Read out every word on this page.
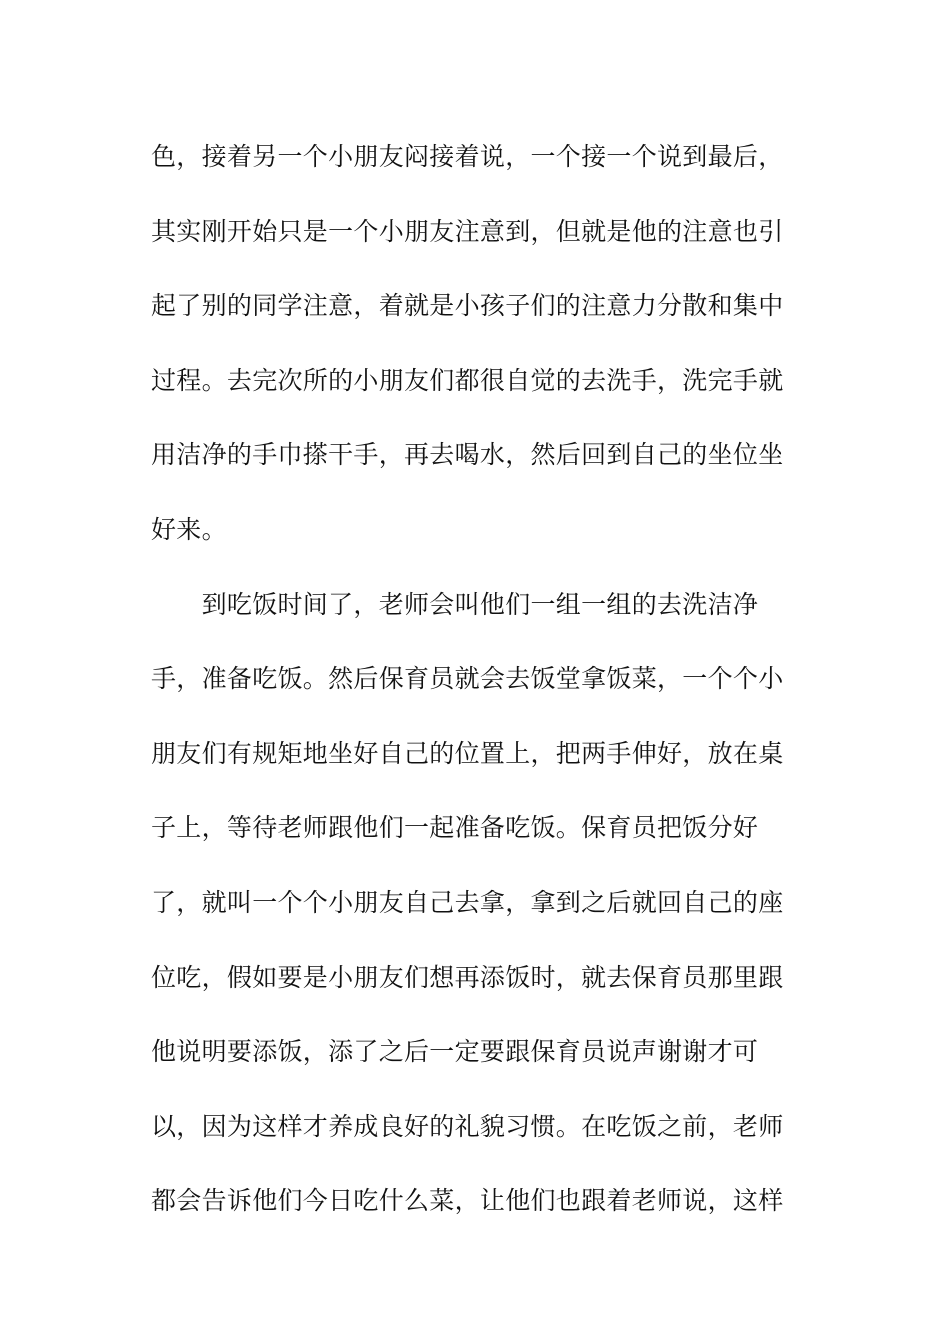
色，接着另一个小朋友闷接着说，一个接一个说到最后，
其实刚开始只是一个小朋友注意到，但就是他的注意也引
起了别的同学注意，着就是小孩子们的注意力分散和集中
过程。去完次所的小朋友们都很自觉的去洗手，洗完手就
用洁净的手巾搽干手，再去喝水，然后回到自己的坐位坐
好来。
　　到吃饭时间了，老师会叫他们一组一组的去洗洁净
手，准备吃饭。然后保育员就会去饭堂拿饭菜，一个个小
朋友们有规矩地坐好自己的位置上，把两手伸好，放在桌
子上，等待老师跟他们一起准备吃饭。保育员把饭分好
了，就叫一个个小朋友自己去拿，拿到之后就回自己的座
位吃，假如要是小朋友们想再添饭时，就去保育员那里跟
他说明要添饭，添了之后一定要跟保育员说声谢谢才可
以，因为这样才养成良好的礼貌习惯。在吃饭之前，老师
都会告诉他们今日吃什么菜，让他们也跟着老师说，这样
